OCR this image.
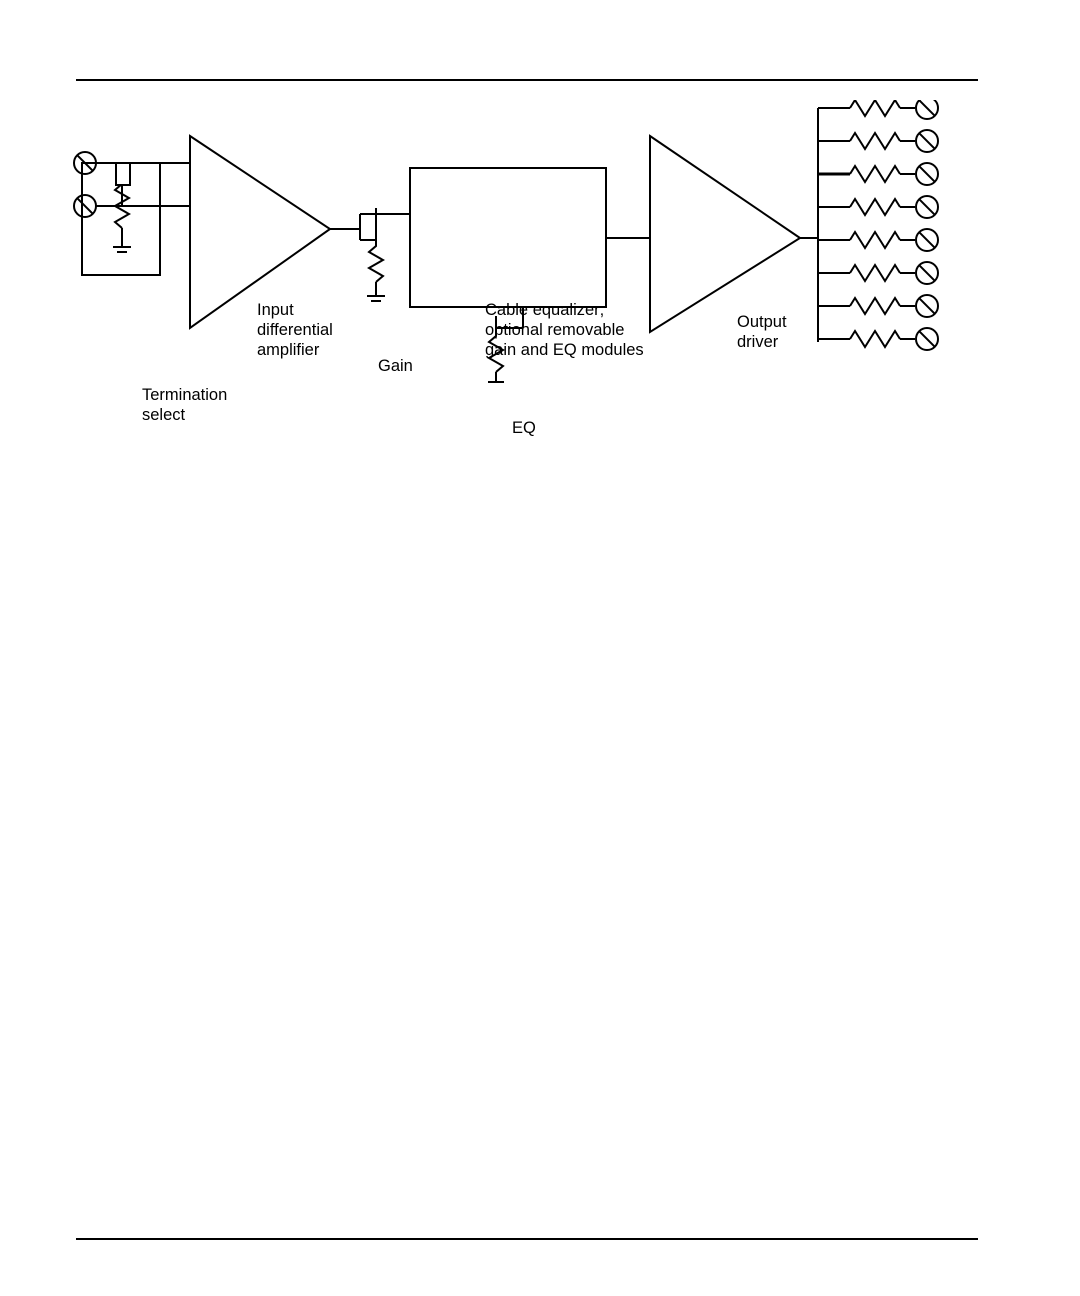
Input
differential
amplifier
Termination
select
Gain
Cable equalizer;
optional removable
gain and EQ modules
EQ
Output
driver
